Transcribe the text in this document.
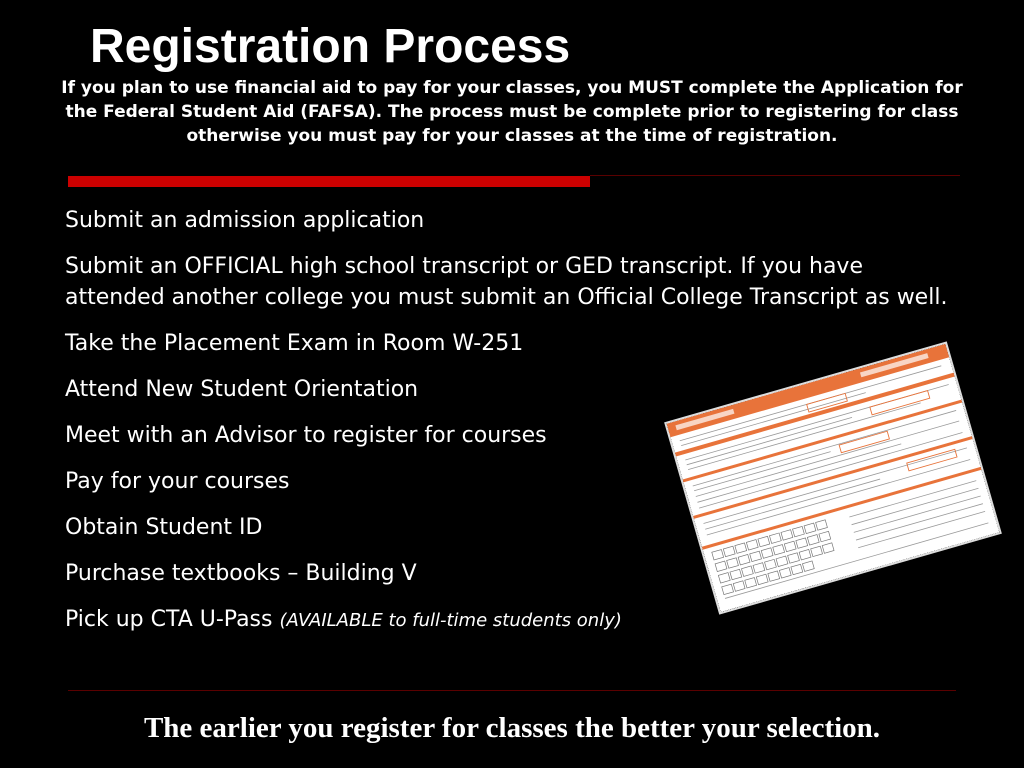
Registration Process
If you plan to use financial aid to pay for your classes, you MUST complete the Application for the Federal Student Aid (FAFSA). The process must be complete prior to registering for class otherwise you must pay for your classes at the time of registration.
Submit an admission application
Submit an OFFICIAL high school transcript or GED transcript. If you have attended another college you must submit an Official College Transcript as well.
Take the Placement Exam in Room W-251
Attend New Student Orientation
Meet with an Advisor to register for courses
Pay for your courses
Obtain Student ID
Purchase textbooks – Building V
Pick up CTA U-Pass (AVAILABLE to full-time students only)
The earlier you register for classes the better your selection.
